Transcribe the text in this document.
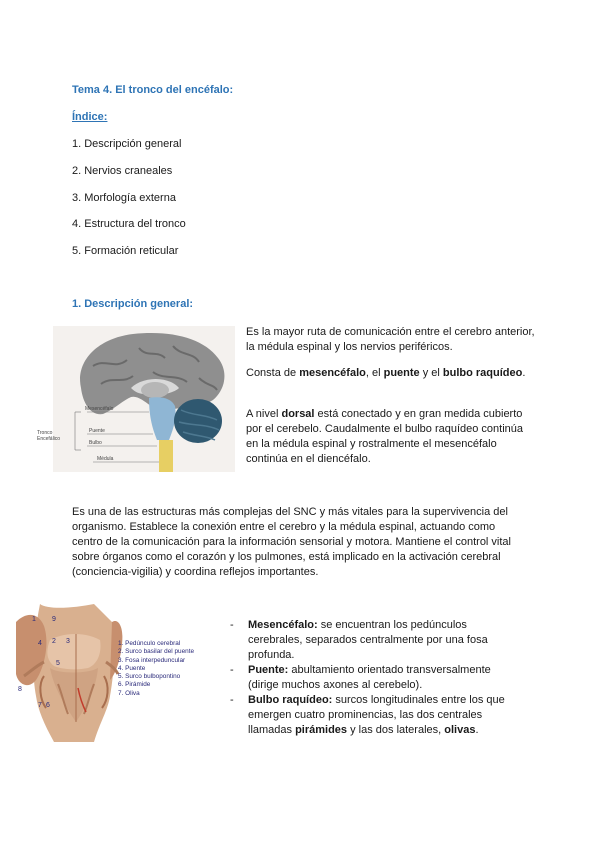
Tema 4. El tronco del encéfalo:
Índice:
1. Descripción general
2. Nervios craneales
3. Morfología externa
4. Estructura del tronco
5. Formación reticular
1. Descripción general:
Tronco Encefálico
Mesencéfalo
Puente
Bulbo
Médula
Es la mayor ruta de comunicación entre el cerebro anterior, la médula espinal y los nervios periféricos.
Consta de mesencéfalo, el puente y el bulbo raquídeo.
A nivel dorsal está conectado y en gran medida cubierto por el cerebelo. Caudalmente el bulbo raquídeo continúa en la médula espinal y rostralmente el mesencéfalo continúa en el diencéfalo.
Es una de las estructuras más complejas del SNC y más vitales para la supervivencia del organismo. Establece la conexión entre el cerebro y la médula espinal, actuando como centro de la comunicación para la información sensorial y motora. Mantiene el control vital sobre órganos como el corazón y los pulmones, está implicado en la activación cerebral (conciencia-vigilia) y coordina reflejos importantes.
1 9
2
4	3
5
8
7 6
1. Pedúnculo cerebral
2. Surco basilar del puente
3. Fosa interpeduncular
4. Puente
5. Surco bulbopontino
6. Pirámide
7. Oliva
- Mesencéfalo: se encuentran los pedúnculos cerebrales, separados centralmente por una fosa profunda.
- Puente: abultamiento orientado transversalmente (dirige muchos axones al cerebelo).
- Bulbo raquídeo: surcos longitudinales entre los que emergen cuatro prominencias, las dos centrales llamadas pirámides y las dos laterales, olivas.
